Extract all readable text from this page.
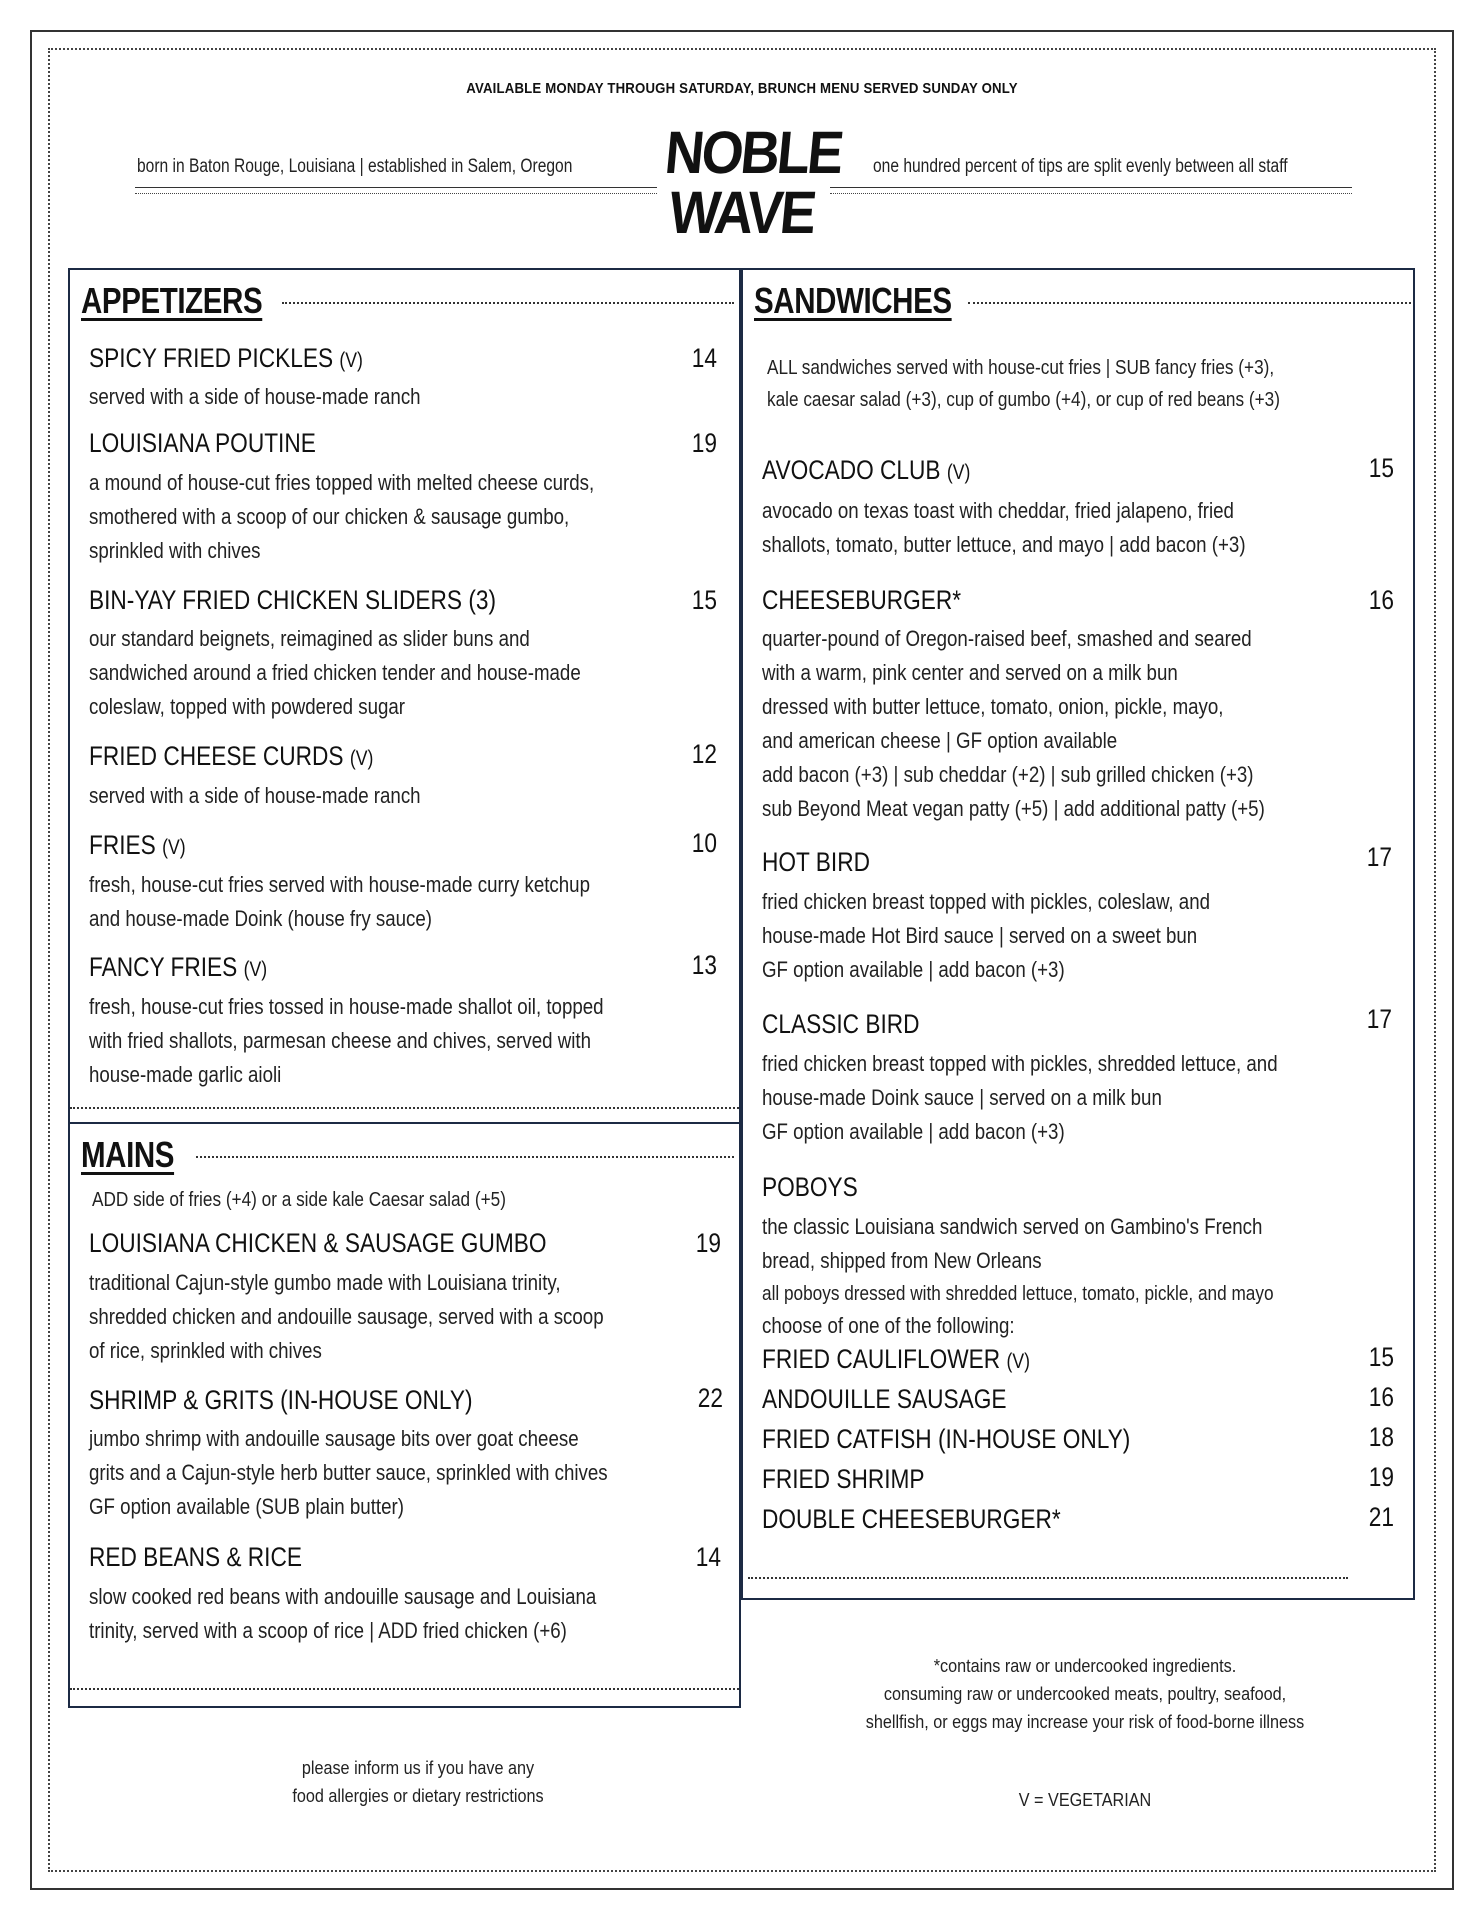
AVAILABLE MONDAY THROUGH SATURDAY, BRUNCH MENU SERVED SUNDAY ONLY
born in Baton Rouge, Louisiana | established in Salem, Oregon	one hundred percent of tips are split evenly between all staff
NOBLE
WAVE
APPETIZERS
SPICY FRIED PICKLES (V)	14
served with a side of house-made ranch
LOUISIANA POUTINE	19
a mound of house-cut fries topped with melted cheese curds,
smothered with a scoop of our chicken & sausage gumbo,
sprinkled with chives
BIN-YAY FRIED CHICKEN SLIDERS (3)	15
our standard beignets, reimagined as slider buns and
sandwiched around a fried chicken tender and house-made
coleslaw, topped with powdered sugar
FRIED CHEESE CURDS (V)	12
served with a side of house-made ranch
FRIES (V)	10
fresh, house-cut fries served with house-made curry ketchup
and house-made Doink (house fry sauce)
FANCY FRIES (V)	13
fresh, house-cut fries tossed in house-made shallot oil, topped
with fried shallots, parmesan cheese and chives, served with
house-made garlic aioli
MAINS
ADD side of fries (+4) or a side kale Caesar salad (+5)
LOUISIANA CHICKEN & SAUSAGE GUMBO	19
traditional Cajun-style gumbo made with Louisiana trinity,
shredded chicken and andouille sausage, served with a scoop
of rice, sprinkled with chives
SHRIMP & GRITS (IN-HOUSE ONLY)	22
jumbo shrimp with andouille sausage bits over goat cheese
grits and a Cajun-style herb butter sauce, sprinkled with chives
GF option available (SUB plain butter)
RED BEANS & RICE	14
slow cooked red beans with andouille sausage and Louisiana
trinity, served with a scoop of rice | ADD fried chicken (+6)
SANDWICHES
ALL sandwiches served with house-cut fries | SUB fancy fries (+3),
kale caesar salad (+3), cup of gumbo (+4), or cup of red beans (+3)
AVOCADO CLUB (V)	15
avocado on texas toast with cheddar, fried jalapeno, fried
shallots, tomato, butter lettuce, and mayo | add bacon (+3)
CHEESEBURGER*	16
quarter-pound of Oregon-raised beef, smashed and seared
with a warm, pink center and served on a milk bun
dressed with butter lettuce, tomato, onion, pickle, mayo,
and american cheese | GF option available
add bacon (+3) | sub cheddar (+2) | sub grilled chicken (+3)
sub Beyond Meat vegan patty (+5) | add additional patty (+5)
HOT BIRD	17
fried chicken breast topped with pickles, coleslaw, and
house-made Hot Bird sauce | served on a sweet bun
GF option available | add bacon (+3)
CLASSIC BIRD	17
fried chicken breast topped with pickles, shredded lettuce, and
house-made Doink sauce | served on a milk bun
GF option available | add bacon (+3)
POBOYS
the classic Louisiana sandwich served on Gambino's French
bread, shipped from New Orleans
all poboys dressed with shredded lettuce, tomato, pickle, and mayo
choose of one of the following:
FRIED CAULIFLOWER (V)	15
ANDOUILLE SAUSAGE	16
FRIED CATFISH (IN-HOUSE ONLY)	18
FRIED SHRIMP	19
DOUBLE CHEESEBURGER*	21
please inform us if you have any
food allergies or dietary restrictions
*contains raw or undercooked ingredients.
consuming raw or undercooked meats, poultry, seafood,
shellfish, or eggs may increase your risk of food-borne illness
V = VEGETARIAN
